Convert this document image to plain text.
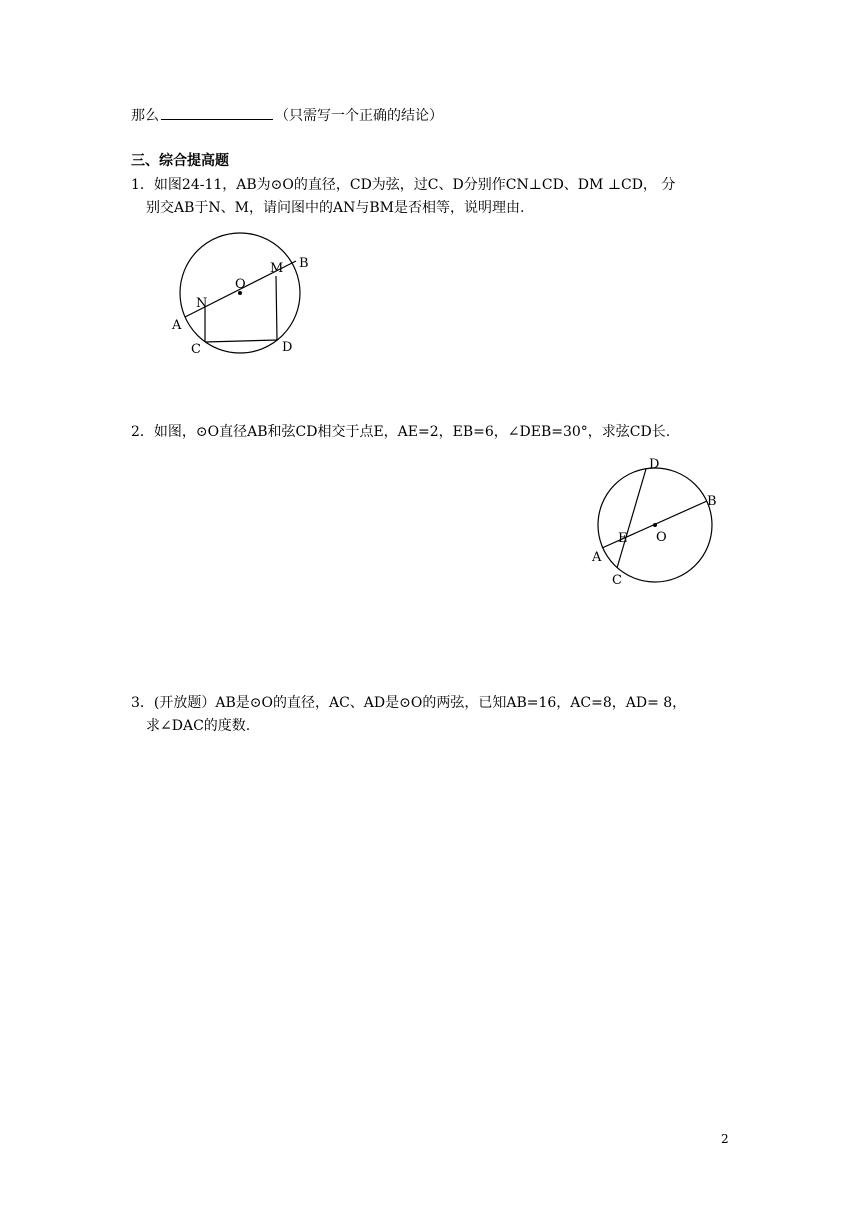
那么	（只需写一个正确的结论）
三、综合提高题
1．如图24-11，AB为⊙O的直径，CD为弦，过C、D分别作CN⊥CD、DM ⊥CD， 分
别交AB于N、M，请问图中的AN与BM是否相等，说明理由.
A
B
C	D
M
N
O
2．如图，⊙O直径AB和弦CD相交于点E，AE=2，EB=6，∠DEB=30°，求弦CD长.
A
B
C
D
E O
3．(开放题）AB是⊙O的直径，AC、AD是⊙O的两弦，已知AB=16，AC=8，AD= 8，
求∠DAC的度数.
2
